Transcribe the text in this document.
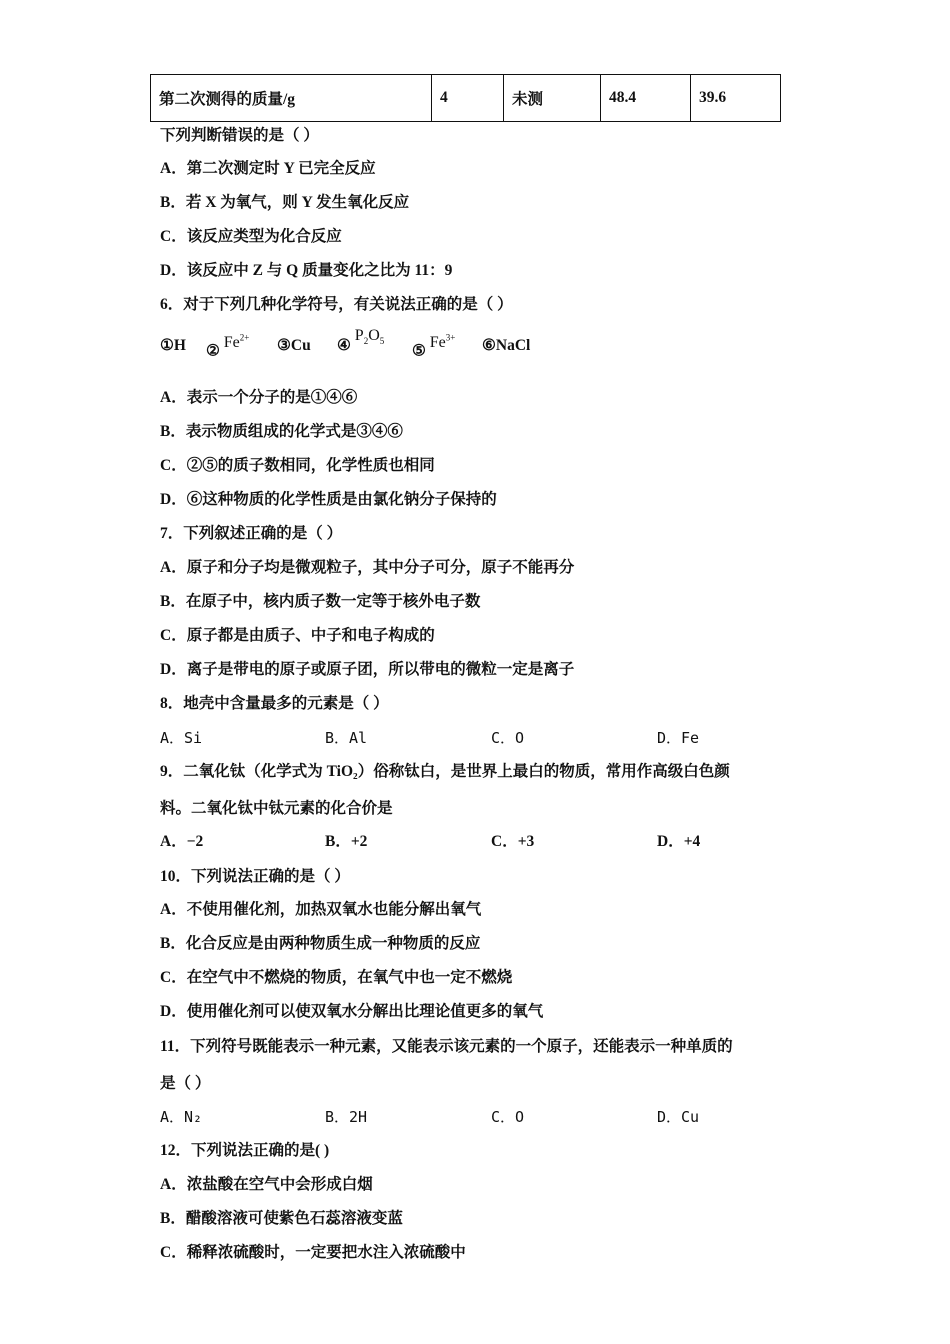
第二次测得的质量/g	4	未测	48.4	39.6
下列判断错误的是（ ）
A．第二次测定时 Y 已完全反应
B．若 X 为氧气，则 Y 发生氧化反应
C．该反应类型为化合反应
D．该反应中 Z 与 Q 质量变化之比为 11：9
6．对于下列几种化学符号，有关说法正确的是（ ）
①H ② $Fe^{2+}$ ③Cu ④ $P_2O_5$
⑤ $Fe^{3+}$ ⑥NaCl
A．表示一个分子的是①④⑥
B．表示物质组成的化学式是③④⑥
C．②⑤的质子数相同，化学性质也相同
D．⑥这种物质的化学性质是由氯化钠分子保持的
7．下列叙述正确的是（ ）
A．原子和分子均是微观粒子，其中分子可分，原子不能再分
B．在原子中，核内质子数一定等于核外电子数
C．原子都是由质子、中子和电子构成的
D．离子是带电的原子或原子团，所以带电的微粒一定是离子
8．地壳中含量最多的元素是（ ）
A．Si	B．Al	C．O	D．Fe
9．二氧化钛（化学式为 TiO₂）俗称钛白，是世界上最白的物质，常用作高级白色颜
料。二氧化钛中钛元素的化合价是
A．−2	B．+2	C．+3	D．+4
10．下列说法正确的是（ ）
A．不使用催化剂，加热双氧水也能分解出氧气
B．化合反应是由两种物质生成一种物质的反应
C．在空气中不燃烧的物质，在氧气中也一定不燃烧
D．使用催化剂可以使双氧水分解出比理论值更多的氧气
11．下列符号既能表示一种元素，又能表示该元素的一个原子，还能表示一种单质的
是（ ）
A．N₂	B．2H	C．O	D．Cu
12．下列说法正确的是( )
A．浓盐酸在空气中会形成白烟
B．醋酸溶液可使紫色石蕊溶液变蓝
C．稀释浓硫酸时，一定要把水注入浓硫酸中
